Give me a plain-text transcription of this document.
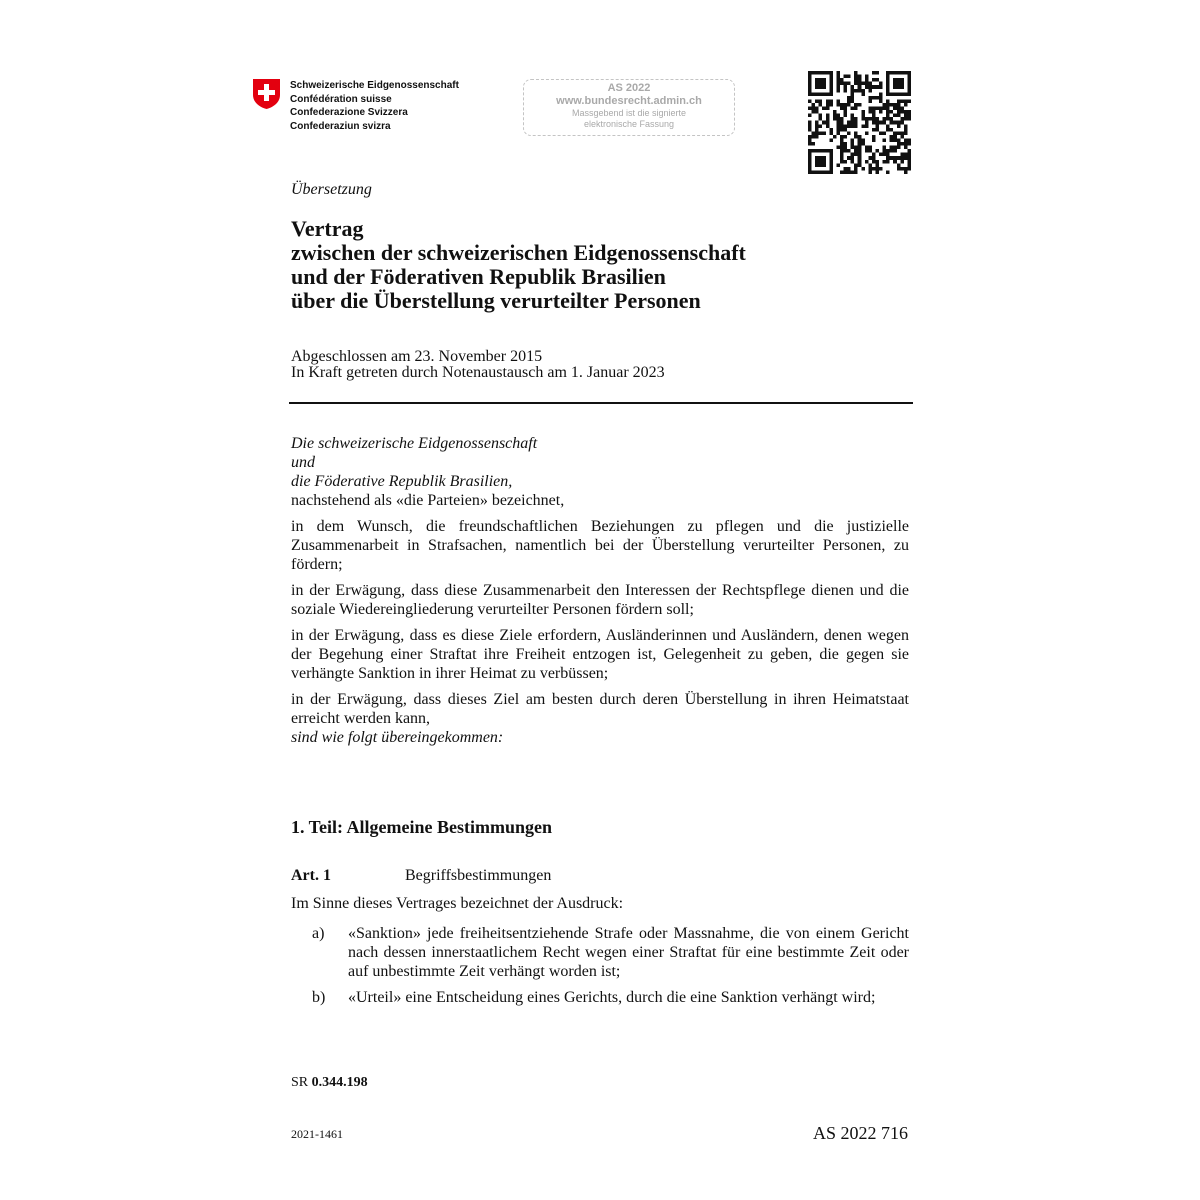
Schweizerische Eidgenossenschaft
Confédération suisse
Confederazione Svizzera
Confederaziun svizra
AS 2022
www.bundesrecht.admin.ch
Massgebend ist die signierte
elektronische Fassung
Übersetzung
Vertrag
zwischen der schweizerischen Eidgenossenschaft
und der Föderativen Republik Brasilien
über die Überstellung verurteilter Personen
Abgeschlossen am 23. November 2015
In Kraft getreten durch Notenaustausch am 1. Januar 2023

Die schweizerische Eidgenossenschaft

und

die Föderative Republik Brasilien,

nachstehend als «die Parteien» bezeichnet,

in dem Wunsch, die freundschaftlichen Beziehungen zu pflegen und die justizielle Zusammenarbeit in Strafsachen, namentlich bei der Überstellung verurteilter Personen, zu fördern;

in der Erwägung, dass diese Zusammenarbeit den Interessen der Rechtspflege dienen und die soziale Wiedereingliederung verurteilter Personen fördern soll;

in der Erwägung, dass es diese Ziele erfordern, Ausländerinnen und Ausländern, denen wegen der Begehung einer Straftat ihre Freiheit entzogen ist, Gelegenheit zu geben, die gegen sie verhängte Sanktion in ihrer Heimat zu verbüssen;

in der Erwägung, dass dieses Ziel am besten durch deren Überstellung in ihren Heimatstaat erreicht werden kann,

sind wie folgt übereingekommen:

1. Teil: Allgemeine Bestimmungen
Art. 1	Begriffsbestimmungen
Im Sinne dieses Vertrages bezeichnet der Ausdruck:
a)	«Sanktion» jede freiheitsentziehende Strafe oder Massnahme, die von einem Gericht nach dessen innerstaatlichem Recht wegen einer Straftat für eine bestimmte Zeit oder auf unbestimmte Zeit verhängt worden ist;
b)	«Urteil» eine Entscheidung eines Gerichts, durch die eine Sanktion verhängt wird;
SR 0.344.198
2021-1461	AS 2022 716
